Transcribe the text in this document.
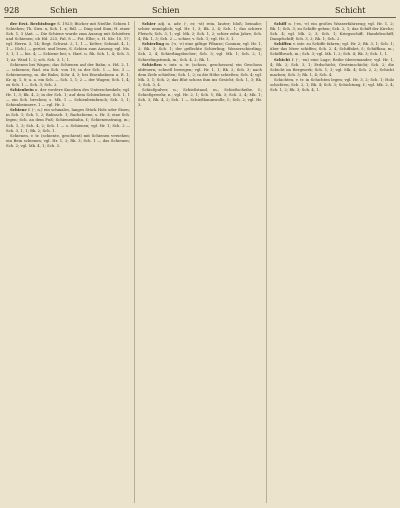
928	Schien	Schien	Schicht

der Erst. Rechtsfrage S. 1923; Bücher mit Nießbr. Schien 1 Schieben; Th. Sieu. x, Sch. 1. x; Rdl. — Ding und Sinn; H. einer Sch. 1, 3 (Ant. — Die Schiene wurde zum Auszug mit Schiefern und Schienen; ob Hd. 223, Pal. 8 — Pst. Elbe; s. H. Ktr. 10, 17; vgl. Herrn. 3, 14; Regt. Schwat. 2, 1, 1 — Kelter; Schmid. 4, 1; 1 — (Sch.) — gerüst. und lesen, S. Schien zum Auszug; vgl. Ms. 3, 1; 1 — bis. 4; — Schiene bei; s. Hart. u. Rk. Sch. 1, 4; Sch. 3, 1; Ar. Wind 1. 2; sch. Sch. 3, 1; 1.

Schienen bei Wagen; das Schienen auf der Bahn; s. Hd. 2, 1. — schienen; Rad. ein Sch. von 10; in der Sch. 1 — bis. 3 — Schienenweg, m. die Bahn; Schr. 4, 3; bei Eisenbahnen u. R. 1; Kr. ig. 1, 8; u. a. ein Sch. — Sch. 1, 1; 2 — der Wagen; Sch. 1, 4; zu Sch. 1 — Sch. 3; Sch. 2.

Schienbein n. der vordere Knochen des Unterschenkels; vgl. Hr. 1, 3; Bk. 4, 2; in der Sch. 1; auf dem Schienbeine; Sch. 1, 1 — ein Sch. brechen; s. Mk. 1 — Schienbeinbruch; Sch. 3, 1; Schienbeinnerv, 1 — vgl. Hr. 2.

Schiene f. (-, n.) ein schmales, langes Stück Holz oder Eisen; in Sch. 1; Sch. 1, 2; Bahnsch. 1; Radschiene, s. Hr. 3; eine Sch. legen; Sch. an dem Fuß; Schienenbahn, f.; Schienenstrang, m.; Sch. 1, 3; Sch. 4, 2; Sch. 1 — s. Schienen; vgl. Hr. 1; Sch. 2 — Sch. 3, 1, 1; Bk. 2; Sch. 1.

Schienen, v. tr. (schiente, geschient) mit Schienen versehen; ein Bein schienen; vgl. Hr. 1, 2; Rk. 3; Sch. 1 — das Schienen; Sch. 2; vgl. Mk. 4, 1; Sch. 3.

Schier adj. u. adv. (-, er, -st) rein, lauter; bloß; beinahe; schier unmöglich; vgl. Hr. 1, 3; Bk. 2, 4; Sch. 1; das schiere Fleisch; Sch. 3, 1; vgl. Mk. 2; Sch. 1, 2; schier zehn Jahre; Sch. 4; Rk. 1, 3; Sch. 2 — schier, v. Sch. 1; vgl. Hr. 3, 1.

Schierling m. (-s, -e) eine giftige Pflanze; Conium; vgl. Hr. 1, 2; Bk. 3; Sch. 1; der gefleckte Schierling; Wasserschierling; Sch. 2, 4; Schierlingsbecher; Sch. 3; vgl. Mk. 1; Sch. 2, 1; Schierlingstrank, m.; Sch. 4, 2; Rk. 1.

Schießen v. intr. u. tr. (schoss, geschossen) ein Geschoss abfeuern; schnell bewegen; vgl. Hr. 1, 1; Bk. 2; Sch. 3; nach dem Ziele schießen; Sch. 1, 2; in die Höhe schießen; Sch. 4; vgl. Mk. 3, 1; Sch. 2; das Blut schoss ihm ins Gesicht; Sch. 1, 3; Rk. 2; Sch. 3, 4.

Schießpulver, n.; Schießstand, m.; Schießscheibe, f.; Schießgewehr, n.; vgl. Hr. 2, 1; Sch. 1; Bk. 3; Sch. 2, 4; Mk. 1; Sch. 3; Rk. 4, 2; Sch. 1 — Schießbaumwolle, f.; Sch. 2; vgl. Hr. 3.

Schiff n. (-es, -e) ein großes Wasserfahrzeug; vgl. Hr. 1, 2; Bk. 1; Sch. 3; zu Schiffe gehen; Sch. 2, 1; das Schiff der Kirche; Sch. 4; vgl. Mk. 2, 3; Sch. 1; Kriegsschiff, Handelsschiff, Dampfschiff; Sch. 3, 2; Rk. 1; Sch. 2.

Schiffen v. intr. zu Schiffe fahren; vgl. Hr. 2; Bk. 3, 1; Sch. 1; über das Meer schiffen; Sch. 2, 4; Schiffahrt, f.; Schiffbau, m.; Schiffbruch, m.; Sch. 3; vgl. Mk. 1, 2; Sch. 4; Rk. 3; Sch. 1, 1.

Schicht f. (-, -en) eine Lage; Reihe übereinander; vgl. Hr. 1, 4; Bk. 2; Sch. 3, 1; Erdschicht; Gesteinschicht; Sch. 2; die Schicht im Bergwerk; Sch. 1, 3; vgl. Mk. 4; Sch. 2, 2; Schicht machen; Sch. 3; Rk. 1, 4; Sch. 4.

Schichten, v. tr. in Schichten legen; vgl. Hr. 3, 2; Sch. 1; Holz schichten; Sch. 2, 1; Bk. 4; Sch. 3; Schichtung, f.; vgl. Mk. 2, 4; Sch. 1, 2; Rk. 3; Sch. 4, 1.
